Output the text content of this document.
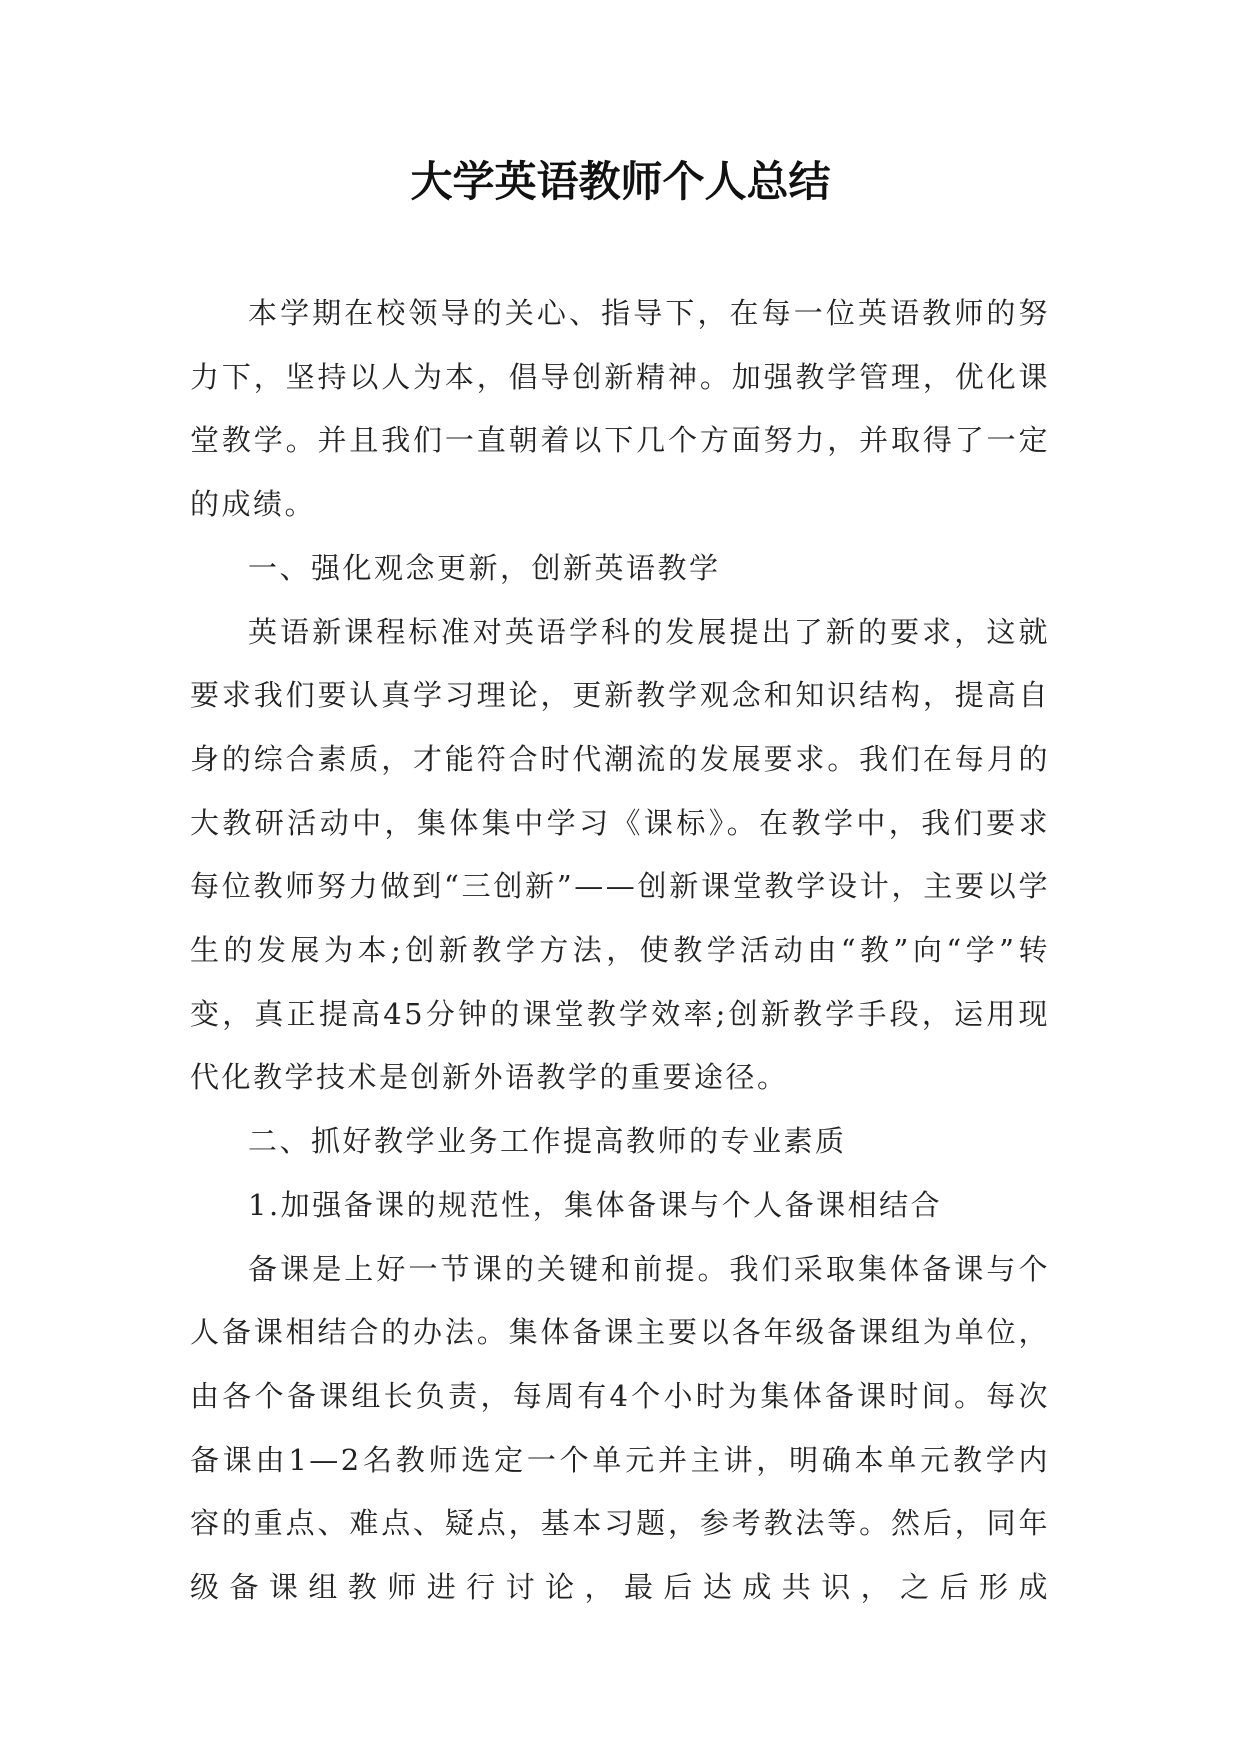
大学英语教师个人总结

本学期在校领导的关心、指导下，在每一位英语教师的努力下，坚持以人为本，倡导创新精神。加强教学管理，优化课堂教学。并且我们一直朝着以下几个方面努力，并取得了一定的成绩。

一、强化观念更新，创新英语教学

英语新课程标准对英语学科的发展提出了新的要求，这就要求我们要认真学习理论，更新教学观念和知识结构，提高自身的综合素质，才能符合时代潮流的发展要求。我们在每月的大教研活动中，集体集中学习《课标》。在教学中，我们要求每位教师努力做到“三创新”——创新课堂教学设计，主要以学生的发展为本;创新教学方法，使教学活动由“教”向“学”转变，真正提高45分钟的课堂教学效率;创新教学手段，运用现代化教学技术是创新外语教学的重要途径。

二、抓好教学业务工作提高教师的专业素质

1.加强备课的规范性，集体备课与个人备课相结合

备课是上好一节课的关键和前提。我们采取集体备课与个人备课相结合的办法。集体备课主要以各年级备课组为单位，由各个备课组长负责，每周有4个小时为集体备课时间。每次备课由1—2名教师选定一个单元并主讲，明确本单元教学内容的重点、难点、疑点，基本习题，参考教法等。然后，同年级备课组教师进行讨论，最后达成共识，之后形成
